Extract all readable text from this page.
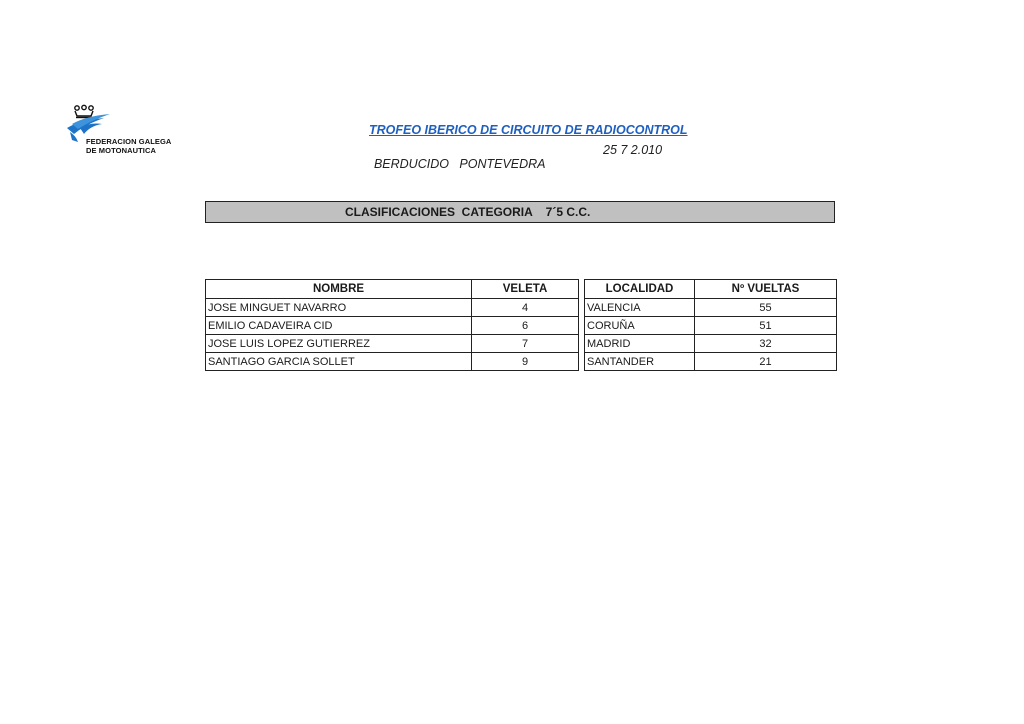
FEDERACION GALEGA
DE MOTONAUTICA
TROFEO IBERICO DE CIRCUITO DE RADIOCONTROL

BERDUCIDO   PONTEVEDRA

25 7 2.010

CLASIFICACIONES  CATEGORIA    7´5 C.C.
NOMBRE	VELETA		LOCALIDAD	Nº VUELTAS
JOSE MINGUET NAVARRO	4		VALENCIA	55
EMILIO CADAVEIRA CID	6		CORUÑA	51
JOSE LUIS LOPEZ GUTIERREZ	7		MADRID	32
SANTIAGO GARCIA SOLLET	9		SANTANDER	21
